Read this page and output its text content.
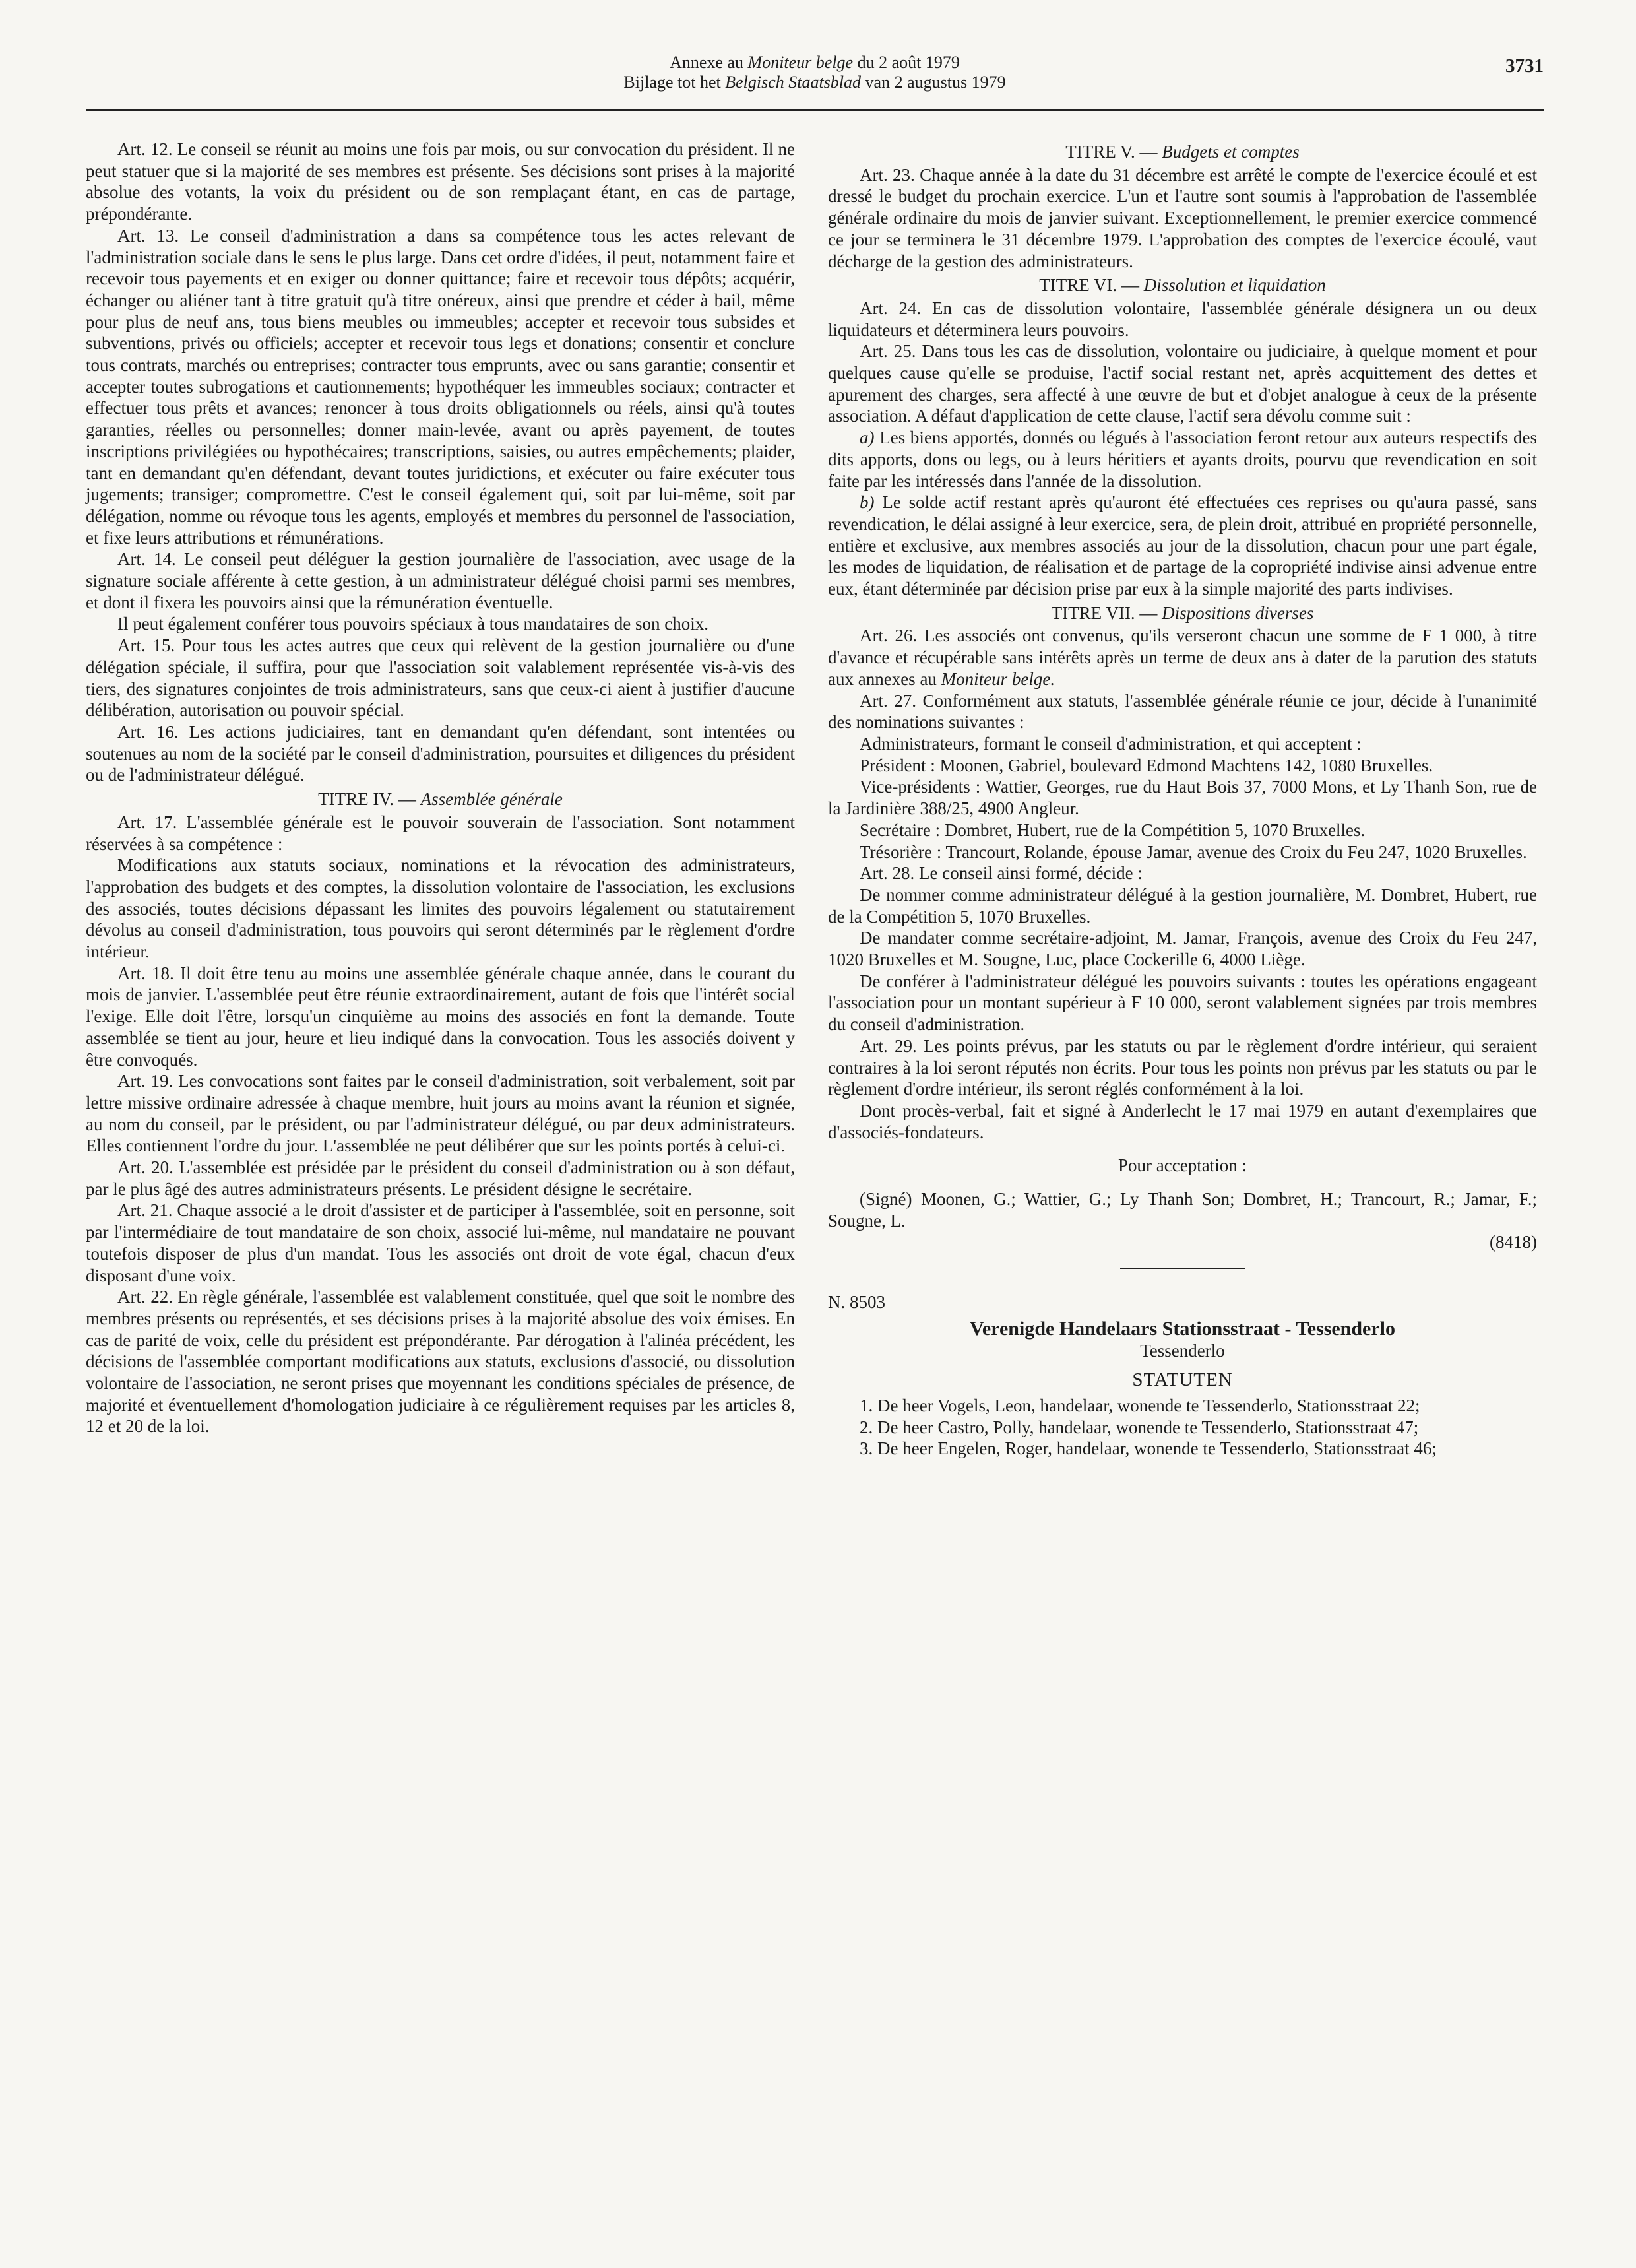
Annexe au Moniteur belge du 2 août 1979
Bijlage tot het Belgisch Staatsblad van 2 augustus 1979
3731

Art. 12. Le conseil se réunit au moins une fois par mois, ou sur convocation du président. Il ne peut statuer que si la majorité de ses membres est présente. Ses décisions sont prises à la majorité absolue des votants, la voix du président ou de son remplaçant étant, en cas de partage, prépondérante.

Art. 13. Le conseil d'administration a dans sa compétence tous les actes relevant de l'administration sociale dans le sens le plus large. Dans cet ordre d'idées, il peut, notamment faire et recevoir tous payements et en exiger ou donner quittance; faire et recevoir tous dépôts; acquérir, échanger ou aliéner tant à titre gratuit qu'à titre onéreux, ainsi que prendre et céder à bail, même pour plus de neuf ans, tous biens meubles ou immeubles; accepter et recevoir tous subsides et subventions, privés ou officiels; accepter et recevoir tous legs et donations; consentir et conclure tous contrats, marchés ou entreprises; contracter tous emprunts, avec ou sans garantie; consentir et accepter toutes subrogations et cautionnements; hypothéquer les immeubles sociaux; contracter et effectuer tous prêts et avances; renoncer à tous droits obligationnels ou réels, ainsi qu'à toutes garanties, réelles ou personnelles; donner main-levée, avant ou après payement, de toutes inscriptions privilégiées ou hypothécaires; transcriptions, saisies, ou autres empêchements; plaider, tant en demandant qu'en défendant, devant toutes juridictions, et exécuter ou faire exécuter tous jugements; transiger; compromettre. C'est le conseil également qui, soit par lui-même, soit par délégation, nomme ou révoque tous les agents, employés et membres du personnel de l'association, et fixe leurs attributions et rémunérations.

Art. 14. Le conseil peut déléguer la gestion journalière de l'association, avec usage de la signature sociale afférente à cette gestion, à un administrateur délégué choisi parmi ses membres, et dont il fixera les pouvoirs ainsi que la rémunération éventuelle.

Il peut également conférer tous pouvoirs spéciaux à tous mandataires de son choix.

Art. 15. Pour tous les actes autres que ceux qui relèvent de la gestion journalière ou d'une délégation spéciale, il suffira, pour que l'association soit valablement représentée vis-à-vis des tiers, des signatures conjointes de trois administrateurs, sans que ceux-ci aient à justifier d'aucune délibération, autorisation ou pouvoir spécial.

Art. 16. Les actions judiciaires, tant en demandant qu'en défendant, sont intentées ou soutenues au nom de la société par le conseil d'administration, poursuites et diligences du président ou de l'administrateur délégué.

TITRE IV. — Assemblée générale

Art. 17. L'assemblée générale est le pouvoir souverain de l'association. Sont notamment réservées à sa compétence :

Modifications aux statuts sociaux, nominations et la révocation des administrateurs, l'approbation des budgets et des comptes, la dissolution volontaire de l'association, les exclusions des associés, toutes décisions dépassant les limites des pouvoirs légalement ou statutairement dévolus au conseil d'administration, tous pouvoirs qui seront déterminés par le règlement d'ordre intérieur.

Art. 18. Il doit être tenu au moins une assemblée générale chaque année, dans le courant du mois de janvier. L'assemblée peut être réunie extraordinairement, autant de fois que l'intérêt social l'exige. Elle doit l'être, lorsqu'un cinquième au moins des associés en font la demande. Toute assemblée se tient au jour, heure et lieu indiqué dans la convocation. Tous les associés doivent y être convoqués.

Art. 19. Les convocations sont faites par le conseil d'administration, soit verbalement, soit par lettre missive ordinaire adressée à chaque membre, huit jours au moins avant la réunion et signée, au nom du conseil, par le président, ou par l'administrateur délégué, ou par deux administrateurs. Elles contiennent l'ordre du jour. L'assemblée ne peut délibérer que sur les points portés à celui-ci.

Art. 20. L'assemblée est présidée par le président du conseil d'administration ou à son défaut, par le plus âgé des autres administrateurs présents. Le président désigne le secrétaire.

Art. 21. Chaque associé a le droit d'assister et de participer à l'assemblée, soit en personne, soit par l'intermédiaire de tout mandataire de son choix, associé lui-même, nul mandataire ne pouvant toutefois disposer de plus d'un mandat. Tous les associés ont droit de vote égal, chacun d'eux disposant d'une voix.

Art. 22. En règle générale, l'assemblée est valablement constituée, quel que soit le nombre des membres présents ou représentés, et ses décisions prises à la majorité absolue des voix émises. En cas de parité de voix, celle du président est prépondérante. Par dérogation à l'alinéa précédent, les décisions de l'assemblée comportant modifications aux statuts, exclusions d'associé, ou dissolution volontaire de l'association, ne seront prises que moyennant les conditions spéciales de présence, de majorité et éventuellement d'homologation judiciaire à ce régulièrement requises par les articles 8, 12 et 20 de la loi.

TITRE V. — Budgets et comptes

Art. 23. Chaque année à la date du 31 décembre est arrêté le compte de l'exercice écoulé et est dressé le budget du prochain exercice. L'un et l'autre sont soumis à l'approbation de l'assemblée générale ordinaire du mois de janvier suivant. Exceptionnellement, le premier exercice commencé ce jour se terminera le 31 décembre 1979. L'approbation des comptes de l'exercice écoulé, vaut décharge de la gestion des administrateurs.

TITRE VI. — Dissolution et liquidation

Art. 24. En cas de dissolution volontaire, l'assemblée générale désignera un ou deux liquidateurs et déterminera leurs pouvoirs.

Art. 25. Dans tous les cas de dissolution, volontaire ou judiciaire, à quelque moment et pour quelques cause qu'elle se produise, l'actif social restant net, après acquittement des dettes et apurement des charges, sera affecté à une œuvre de but et d'objet analogue à ceux de la présente association. A défaut d'application de cette clause, l'actif sera dévolu comme suit :

a) Les biens apportés, donnés ou légués à l'association feront retour aux auteurs respectifs des dits apports, dons ou legs, ou à leurs héritiers et ayants droits, pourvu que revendication en soit faite par les intéressés dans l'année de la dissolution.

b) Le solde actif restant après qu'auront été effectuées ces reprises ou qu'aura passé, sans revendication, le délai assigné à leur exercice, sera, de plein droit, attribué en propriété personnelle, entière et exclusive, aux membres associés au jour de la dissolution, chacun pour une part égale, les modes de liquidation, de réalisation et de partage de la copropriété indivise ainsi advenue entre eux, étant déterminée par décision prise par eux à la simple majorité des parts indivises.

TITRE VII. — Dispositions diverses

Art. 26. Les associés ont convenus, qu'ils verseront chacun une somme de F 1 000, à titre d'avance et récupérable sans intérêts après un terme de deux ans à dater de la parution des statuts aux annexes au Moniteur belge.

Art. 27. Conformément aux statuts, l'assemblée générale réunie ce jour, décide à l'unanimité des nominations suivantes :

Administrateurs, formant le conseil d'administration, et qui acceptent :

Président : Moonen, Gabriel, boulevard Edmond Machtens 142, 1080 Bruxelles.

Vice-présidents : Wattier, Georges, rue du Haut Bois 37, 7000 Mons, et Ly Thanh Son, rue de la Jardinière 388/25, 4900 Angleur.

Secrétaire : Dombret, Hubert, rue de la Compétition 5, 1070 Bruxelles.

Trésorière : Trancourt, Rolande, épouse Jamar, avenue des Croix du Feu 247, 1020 Bruxelles.

Art. 28. Le conseil ainsi formé, décide :

De nommer comme administrateur délégué à la gestion journalière, M. Dombret, Hubert, rue de la Compétition 5, 1070 Bruxelles.

De mandater comme secrétaire-adjoint, M. Jamar, François, avenue des Croix du Feu 247, 1020 Bruxelles et M. Sougne, Luc, place Cockerille 6, 4000 Liège.

De conférer à l'administrateur délégué les pouvoirs suivants : toutes les opérations engageant l'association pour un montant supérieur à F 10 000, seront valablement signées par trois membres du conseil d'administration.

Art. 29. Les points prévus, par les statuts ou par le règlement d'ordre intérieur, qui seraient contraires à la loi seront réputés non écrits. Pour tous les points non prévus par les statuts ou par le règlement d'ordre intérieur, ils seront réglés conformément à la loi.

Dont procès-verbal, fait et signé à Anderlecht le 17 mai 1979 en autant d'exemplaires que d'associés-fondateurs.

Pour acceptation :

(Signé) Moonen, G.; Wattier, G.; Ly Thanh Son; Dombret, H.; Trancourt, R.; Jamar, F.; Sougne, L.

(8418)

N. 8503

Verenigde Handelaars Stationsstraat - Tessenderlo

Tessenderlo

STATUTEN

1. De heer Vogels, Leon, handelaar, wonende te Tessenderlo, Stationsstraat 22;

2. De heer Castro, Polly, handelaar, wonende te Tessenderlo, Stationsstraat 47;

3. De heer Engelen, Roger, handelaar, wonende te Tessenderlo, Stationsstraat 46;
